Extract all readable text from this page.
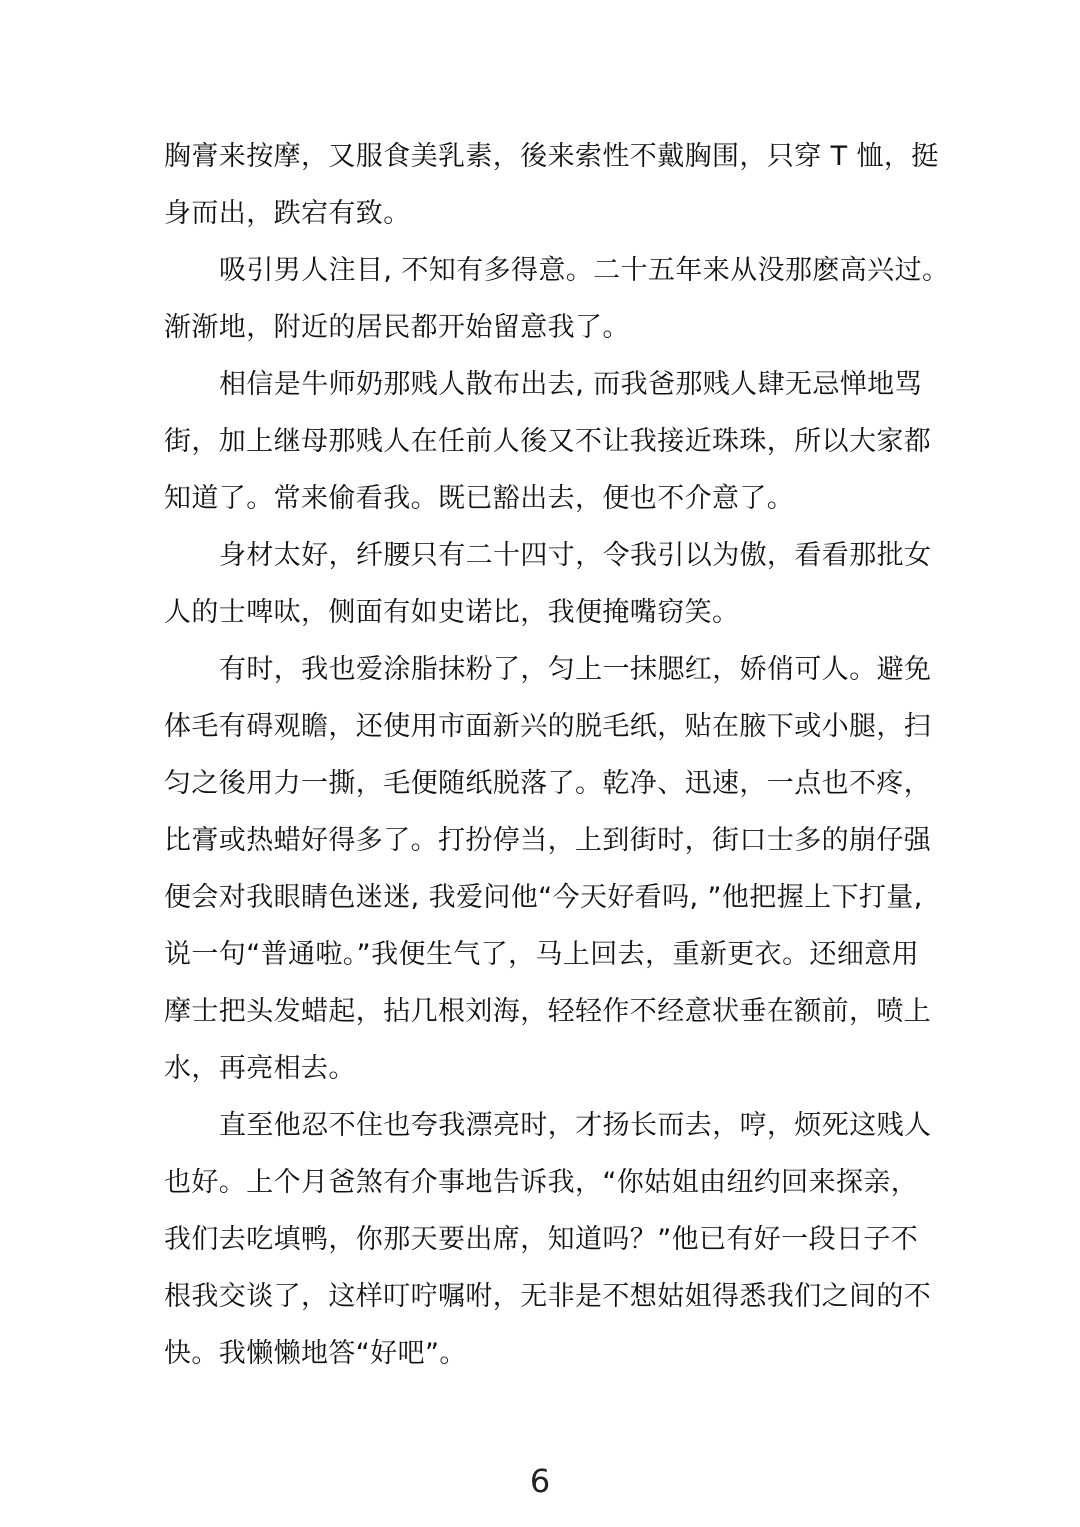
胸膏来按摩，又服食美乳素，後来索性不戴胸围，只穿 T 恤，挺
身而出，跌宕有致。
吸引男人注目, 不知有多得意。二十五年来从没那麽高兴过。
渐渐地，附近的居民都开始留意我了。
相信是牛师奶那贱人散布出去, 而我爸那贱人肆无忌惮地骂
街，加上继母那贱人在任前人後又不让我接近珠珠，所以大家都
知道了。常来偷看我。既已豁出去，便也不介意了。
身材太好，纤腰只有二十四寸，令我引以为傲，看看那批女
人的士啤呔，侧面有如史诺比，我便掩嘴窃笑。
有时，我也爱涂脂抹粉了，匀上一抹腮红，娇俏可人。避免
体毛有碍观瞻，还使用市面新兴的脱毛纸，贴在腋下或小腿，扫
匀之後用力一撕，毛便随纸脱落了。乾净、迅速，一点也不疼，
比膏或热蜡好得多了。打扮停当，上到街时，街口士多的崩仔强
便会对我眼睛色迷迷, 我爱问他“今天好看吗, ”他把握上下打量,
说一句“普通啦。”我便生气了，马上回去，重新更衣。还细意用
摩士把头发蜡起，拈几根刘海，轻轻作不经意状垂在额前，喷上
水，再亮相去。
直至他忍不住也夸我漂亮时，才扬长而去，哼，烦死这贱人
也好。上个月爸煞有介事地告诉我，“你姑姐由纽约回来探亲，
我们去吃填鸭，你那天要出席，知道吗？”他已有好一段日子不
根我交谈了，这样叮咛嘱咐，无非是不想姑姐得悉我们之间的不
快。我懒懒地答“好吧”。
6
